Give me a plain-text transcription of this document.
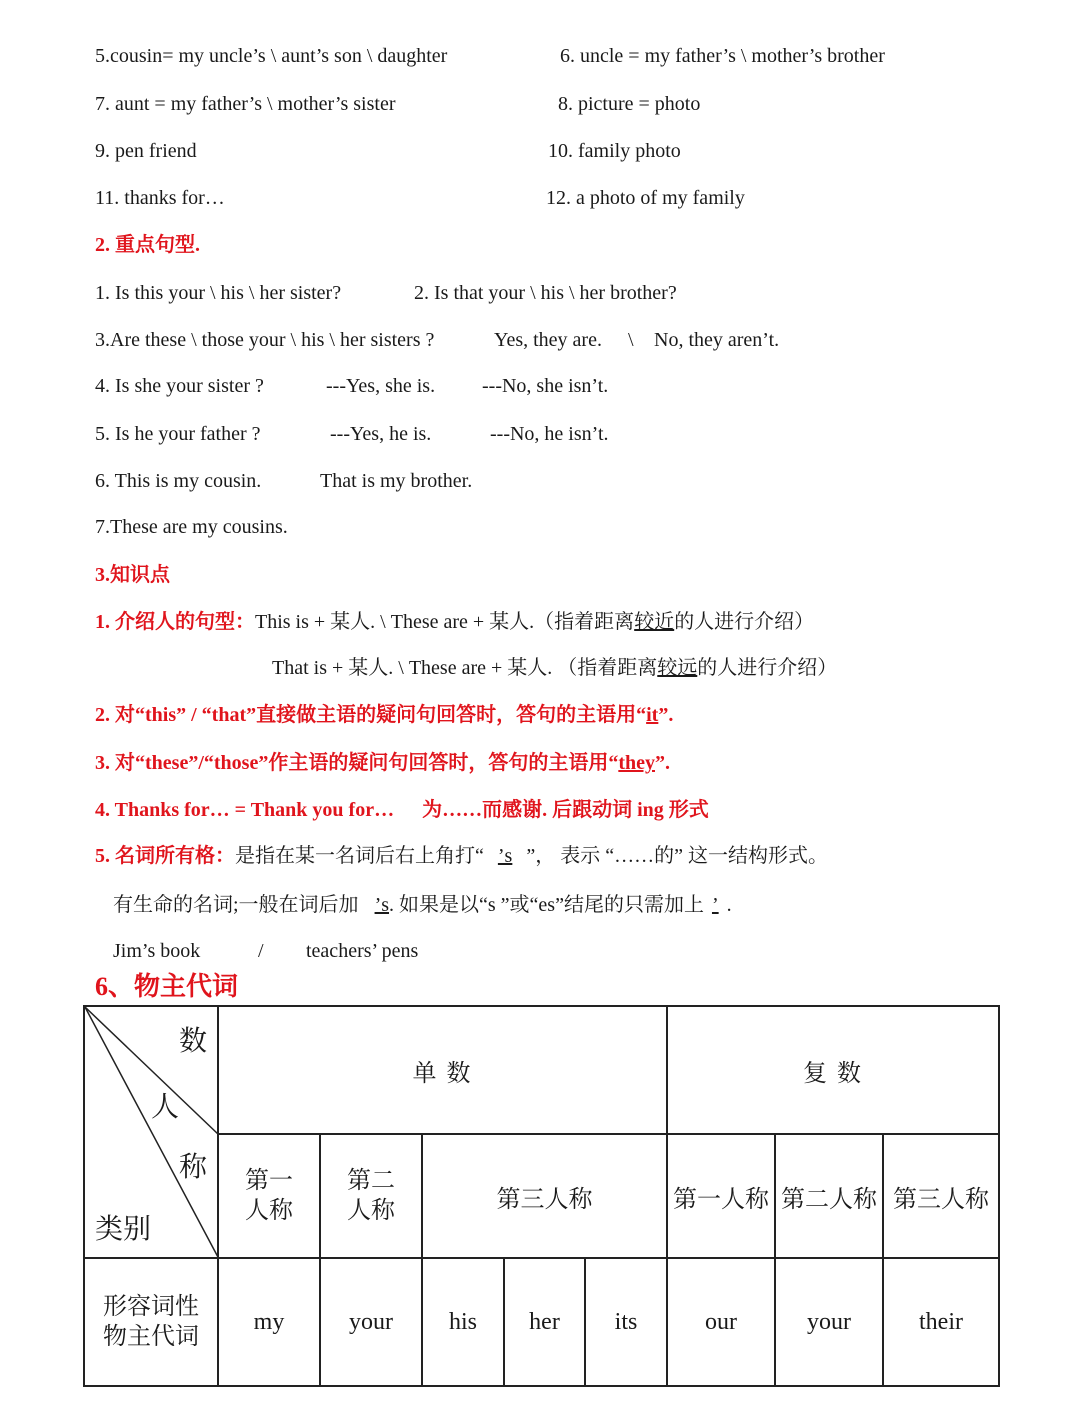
5.cousin= my uncle’s \ aunt’s son \ daughter	6. uncle = my father’s \ mother’s brother
7. aunt = my father’s \ mother’s sister	8. picture = photo
9. pen friend	10. family photo
11. thanks for…	12. a photo of my family
2. 重点句型.
1. Is this your \ his \ her sister?	2. Is that your \ his \ her brother?
3.Are these \ those your \ his \ her sisters ?	Yes, they are. \ No, they aren’t.
4. Is she your sister ?	---Yes, she is. ---No, she isn’t.
5. Is he your father ?	---Yes, he is.	---No, he isn’t.
6. This is my cousin.	That is my brother.
7.These are my cousins.
3.知识点
1. 介绍人的句型：This is + 某人. \ These are + 某人.（指着距离较近的人进行介绍）
That is + 某人. \ These are + 某人. （指着距离较远的人进行介绍）
2. 对“this” / “that”直接做主语的疑问句回答时，答句的主语用“it”.
3. 对“these”/“those”作主语的疑问句回答时，答句的主语用“they”.
4. Thanks for… = Thank you for… 为……而感谢. 后跟动词 ing 形式
5. 名词所有格：是指在某一名词后右上角打“ ’s ”， 表示 “……的” 这一结构形式。
有生命的名词;一般在词后加 ’s. 如果是以“s ”或“es”结尾的只需加上 ’ .
Jim’s book	/ teachers’ pens
6、物主代词
数
人
称
类别	单 数					复 数		

	第一人称	第二人称	第三人称			第一人称	第二人称	第三人称

形容词性物主代词	my	your	his	her	its	our	your	their
